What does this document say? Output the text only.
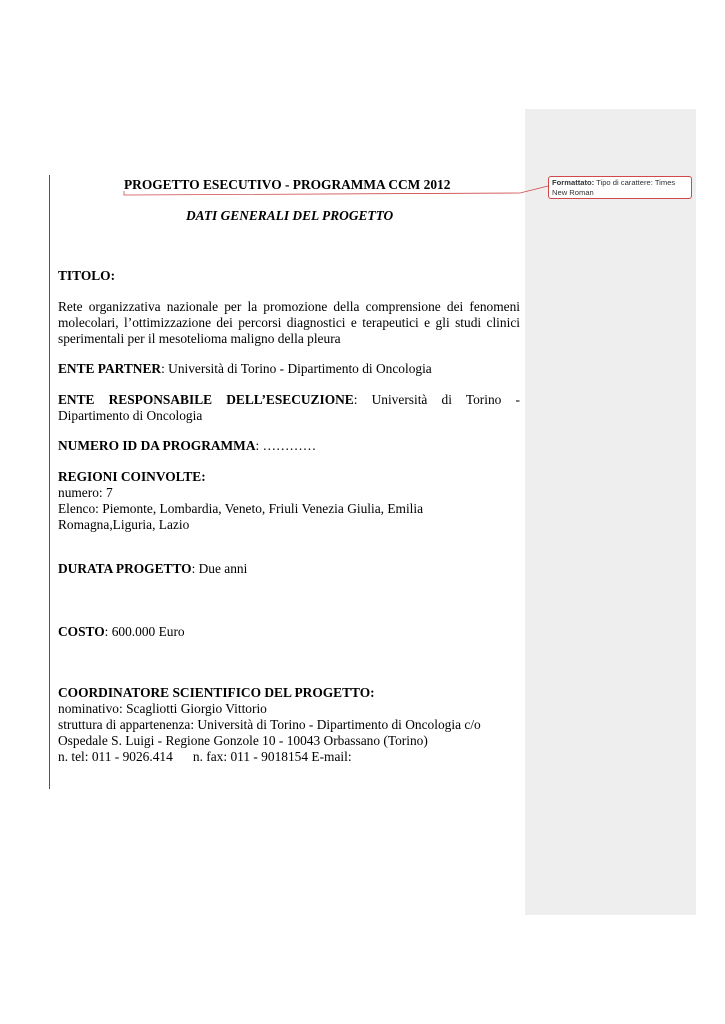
Formattato: Tipo di carattere: Times
New Roman
PROGETTO ESECUTIVO - PROGRAMMA CCM 2012
DATI GENERALI DEL PROGETTO
TITOLO:
Rete organizzativa nazionale per la promozione della comprensione dei fenomeni molecolari, l’ottimizzazione dei percorsi diagnostici e terapeutici e gli studi clinici sperimentali per il mesotelioma maligno della pleura
ENTE PARTNER: Università di Torino - Dipartimento di Oncologia
ENTE RESPONSABILE DELL’ESECUZIONE: Università di Torino - Dipartimento di Oncologia
NUMERO ID DA PROGRAMMA: …………
REGIONI COINVOLTE:
numero: 7
Elenco: Piemonte, Lombardia, Veneto, Friuli Venezia Giulia, Emilia
Romagna,Liguria, Lazio
DURATA PROGETTO: Due anni
COSTO: 600.000 Euro
COORDINATORE SCIENTIFICO DEL PROGETTO:
nominativo: Scagliotti Giorgio Vittorio
struttura di appartenenza: Università di Torino - Dipartimento di Oncologia c/o
Ospedale S. Luigi - Regione Gonzole 10 - 10043 Orbassano (Torino)
n. tel: 011 - 9026.414      n. fax: 011 - 9018154 E-mail:
